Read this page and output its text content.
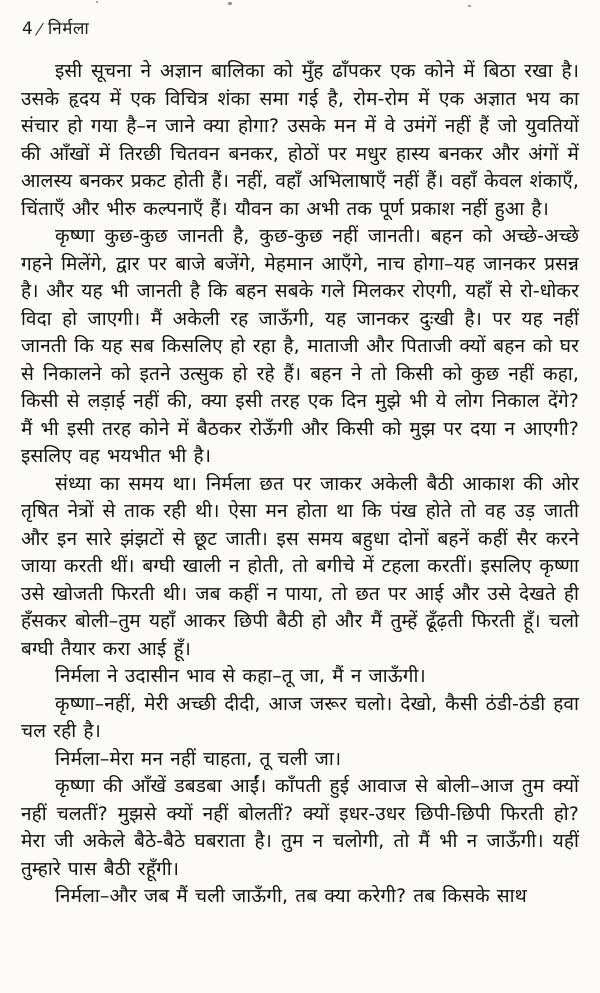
4/ निर्मला

इसी सूचना ने अज्ञान बालिका को मुँह ढाँपकर एक कोने में बिठा रखा है। उसके हृदय में एक विचित्र शंका समा गई है, रोम-रोम में एक अज्ञात भय का संचार हो गया है–न जाने क्या होगा? उसके मन में वे उमंगें नहीं हैं जो युवतियों की आँखों में तिरछी चितवन बनकर, होठों पर मधुर हास्य बनकर और अंगों में आलस्य बनकर प्रकट होती हैं। नहीं, वहाँ अभिलाषाएँ नहीं हैं। वहाँ केवल शंकाएँ, चिंताएँ और भीरु कल्पनाएँ हैं। यौवन का अभी तक पूर्ण प्रकाश नहीं हुआ है।

कृष्णा कुछ-कुछ जानती है, कुछ-कुछ नहीं जानती। बहन को अच्छे-अच्छे गहने मिलेंगे, द्वार पर बाजे बजेंगे, मेहमान आएँगे, नाच होगा–यह जानकर प्रसन्न है। और यह भी जानती है कि बहन सबके गले मिलकर रोएगी, यहाँ से रो-धोकर विदा हो जाएगी। मैं अकेली रह जाऊँगी, यह जानकर दुःखी है। पर यह नहीं जानती कि यह सब किसलिए हो रहा है, माताजी और पिताजी क्यों बहन को घर से निकालने को इतने उत्सुक हो रहे हैं। बहन ने तो किसी को कुछ नहीं कहा, किसी से लड़ाई नहीं की, क्या इसी तरह एक दिन मुझे भी ये लोग निकाल देंगे? मैं भी इसी तरह कोने में बैठकर रोऊँगी और किसी को मुझ पर दया न आएगी? इसलिए वह भयभीत भी है।

संध्या का समय था। निर्मला छत पर जाकर अकेली बैठी आकाश की ओर तृषित नेत्रों से ताक रही थी। ऐसा मन होता था कि पंख होते तो वह उड़ जाती और इन सारे झंझटों से छूट जाती। इस समय बहुधा दोनों बहनें कहीं सैर करने जाया करती थीं। बग्घी खाली न होती, तो बगीचे में टहला करतीं। इसलिए कृष्णा उसे खोजती फिरती थी। जब कहीं न पाया, तो छत पर आई और उसे देखते ही हँसकर बोली–तुम यहाँ आकर छिपी बैठी हो और मैं तुम्हें ढूँढ़ती फिरती हूँ। चलो बग्घी तैयार करा आई हूँ।

निर्मला ने उदासीन भाव से कहा–तू जा, मैं न जाऊँगी।

कृष्णा–नहीं, मेरी अच्छी दीदी, आज जरूर चलो। देखो, कैसी ठंडी-ठंडी हवा चल रही है।

निर्मला–मेरा मन नहीं चाहता, तू चली जा।

कृष्णा की आँखें डबडबा आईं। काँपती हुई आवाज से बोली–आज तुम क्यों नहीं चलतीं? मुझसे क्यों नहीं बोलतीं? क्यों इधर-उधर छिपी-छिपी फिरती हो? मेरा जी अकेले बैठे-बैठे घबराता है। तुम न चलोगी, तो मैं भी न जाऊँगी। यहीं तुम्हारे पास बैठी रहूँगी।

निर्मला–और जब मैं चली जाऊँगी, तब क्या करेगी? तब किसके साथ
